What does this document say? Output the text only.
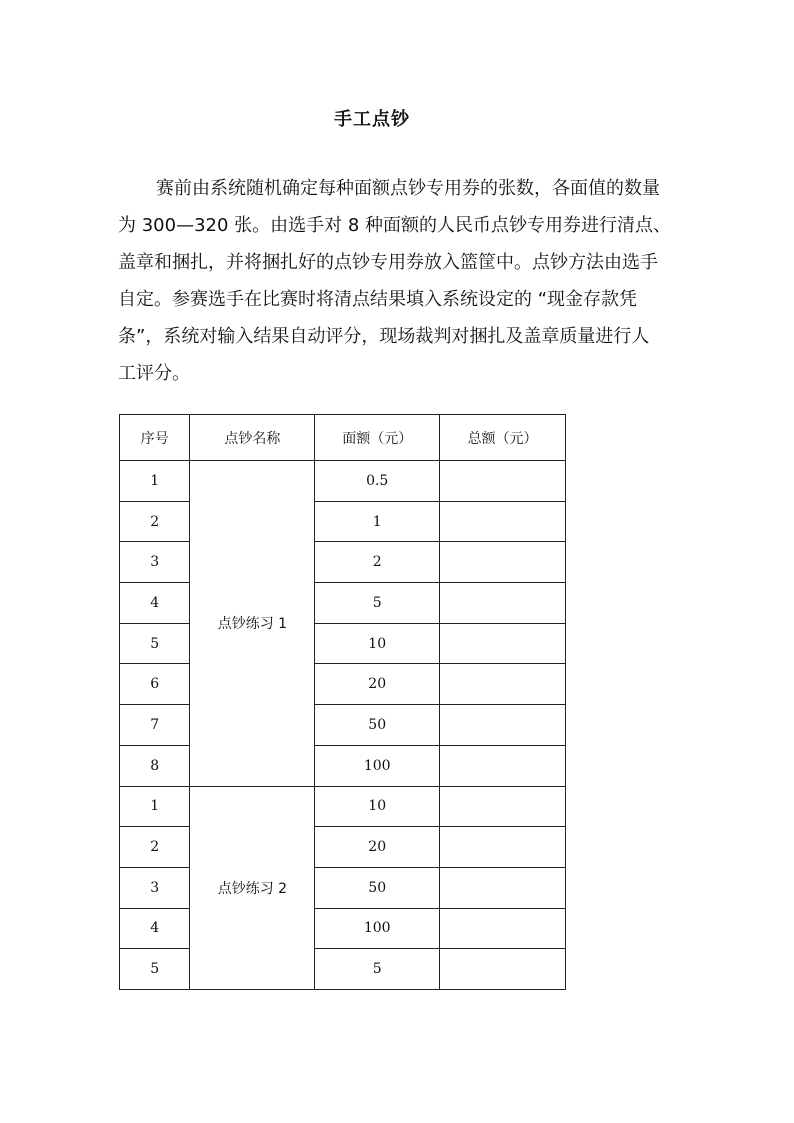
手工点钞
赛前由系统随机确定每种面额点钞专用券的张数，各面值的数量
为 300—320 张。由选手对 8 种面额的人民币点钞专用券进行清点、
盖章和捆扎，并将捆扎好的点钞专用券放入篮筐中。点钞方法由选手
自定。参赛选手在比赛时将清点结果填入系统设定的 “现金存款凭
条”，系统对输入结果自动评分，现场裁判对捆扎及盖章质量进行人
工评分。
序号	点钞名称	面额（元）	总额（元）
1	点钞练习 1	0.5	
2		1	
3		2	
4		5	
5		10	
6		20	
7		50	
8		100	
1	点钞练习 2	10	
2		20	
3		50	
4		100	
5		5	
